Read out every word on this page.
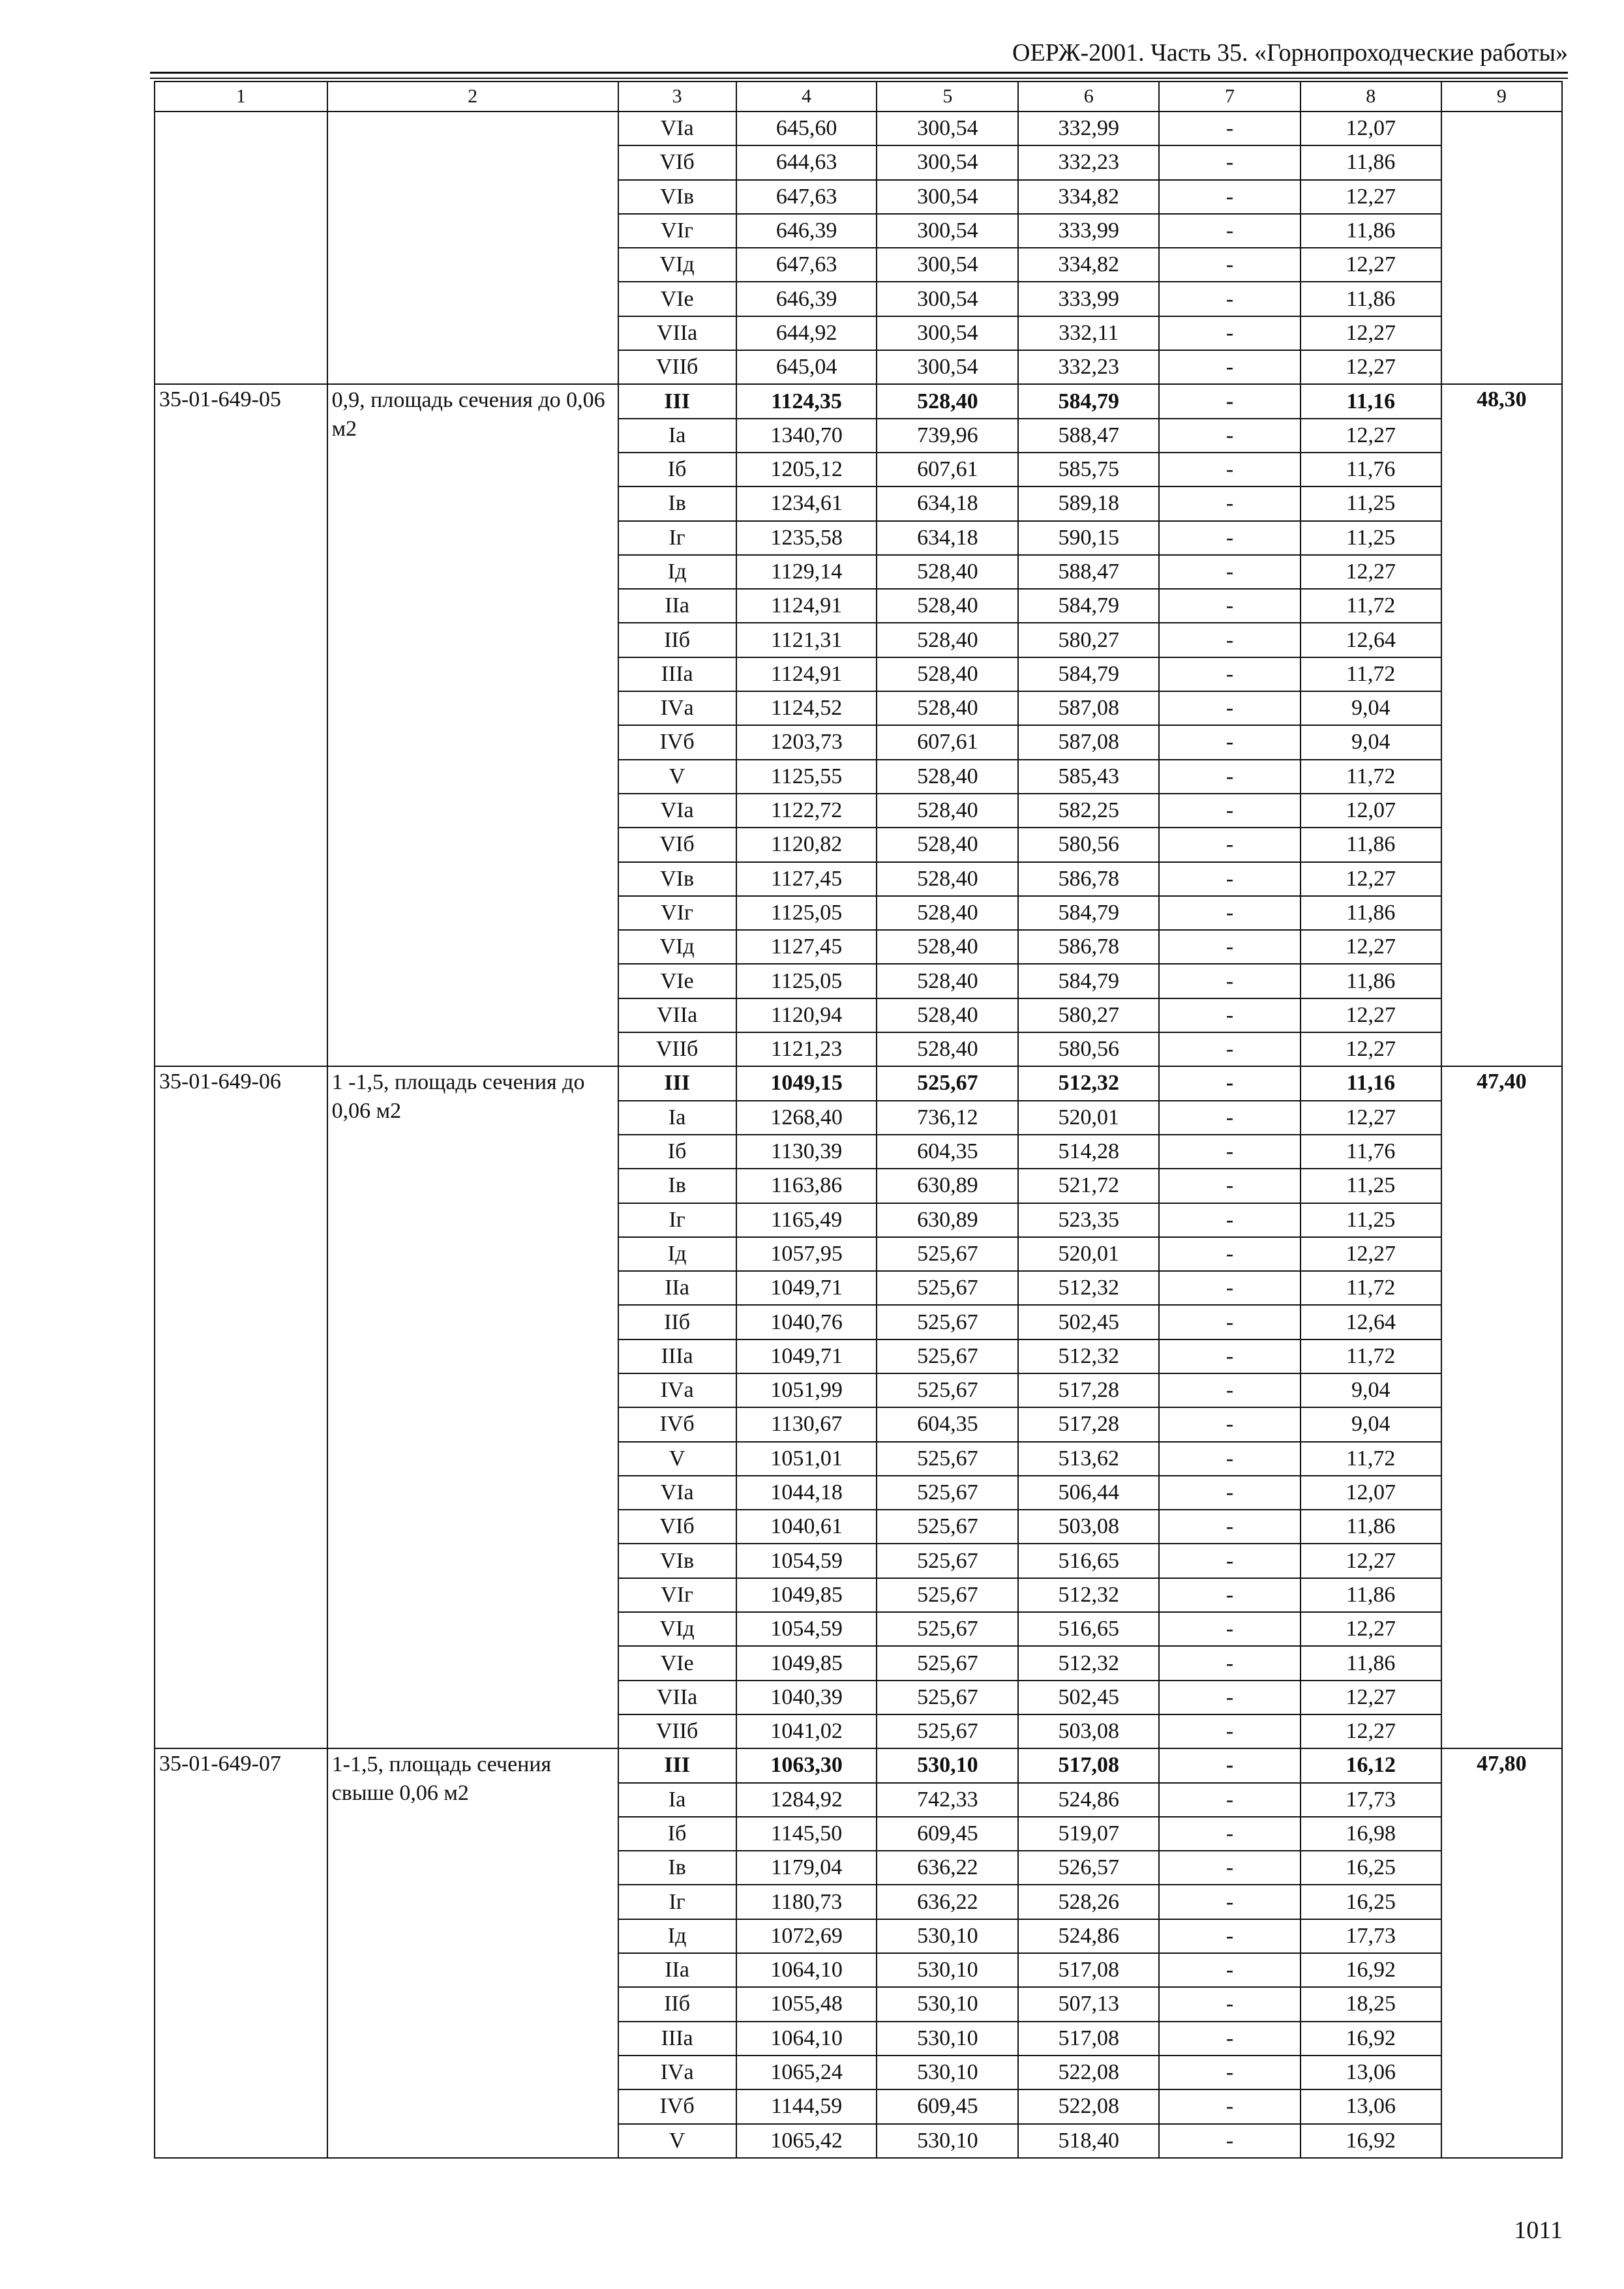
ОЕРЖ-2001. Часть 35. «Горнопроходческие работы»
1	2	3	4	5	6	7	8	9
		VIа	645,60	300,54	332,99	-	12,07	
		VIб	644,63	300,54	332,23	-	11,86	
		VIв	647,63	300,54	334,82	-	12,27	
		VIг	646,39	300,54	333,99	-	11,86	
		VIд	647,63	300,54	334,82	-	12,27	
		VIе	646,39	300,54	333,99	-	11,86	
		VIIа	644,92	300,54	332,11	-	12,27	
		VIIб	645,04	300,54	332,23	-	12,27	
35-01-649-05	0,9, площадь сечения до 0,06 м2	III	1124,35	528,40	584,79	-	11,16	48,30
		Iа	1340,70	739,96	588,47	-	12,27	
		Iб	1205,12	607,61	585,75	-	11,76	
		Iв	1234,61	634,18	589,18	-	11,25	
		Iг	1235,58	634,18	590,15	-	11,25	
		Iд	1129,14	528,40	588,47	-	12,27	
		IIа	1124,91	528,40	584,79	-	11,72	
		IIб	1121,31	528,40	580,27	-	12,64	
		IIIа	1124,91	528,40	584,79	-	11,72	
		IVа	1124,52	528,40	587,08	-	9,04	
		IVб	1203,73	607,61	587,08	-	9,04	
		V	1125,55	528,40	585,43	-	11,72	
		VIа	1122,72	528,40	582,25	-	12,07	
		VIб	1120,82	528,40	580,56	-	11,86	
		VIв	1127,45	528,40	586,78	-	12,27	
		VIг	1125,05	528,40	584,79	-	11,86	
		VIд	1127,45	528,40	586,78	-	12,27	
		VIе	1125,05	528,40	584,79	-	11,86	
		VIIа	1120,94	528,40	580,27	-	12,27	
		VIIб	1121,23	528,40	580,56	-	12,27	
35-01-649-06	1 -1,5, площадь сечения до 0,06 м2	III	1049,15	525,67	512,32	-	11,16	47,40
		Iа	1268,40	736,12	520,01	-	12,27	
		Iб	1130,39	604,35	514,28	-	11,76	
		Iв	1163,86	630,89	521,72	-	11,25	
		Iг	1165,49	630,89	523,35	-	11,25	
		Iд	1057,95	525,67	520,01	-	12,27	
		IIа	1049,71	525,67	512,32	-	11,72	
		IIб	1040,76	525,67	502,45	-	12,64	
		IIIа	1049,71	525,67	512,32	-	11,72	
		IVа	1051,99	525,67	517,28	-	9,04	
		IVб	1130,67	604,35	517,28	-	9,04	
		V	1051,01	525,67	513,62	-	11,72	
		VIа	1044,18	525,67	506,44	-	12,07	
		VIб	1040,61	525,67	503,08	-	11,86	
		VIв	1054,59	525,67	516,65	-	12,27	
		VIг	1049,85	525,67	512,32	-	11,86	
		VIд	1054,59	525,67	516,65	-	12,27	
		VIе	1049,85	525,67	512,32	-	11,86	
		VIIа	1040,39	525,67	502,45	-	12,27	
		VIIб	1041,02	525,67	503,08	-	12,27	
35-01-649-07	1-1,5, площадь сечения свыше 0,06 м2	III	1063,30	530,10	517,08	-	16,12	47,80
		Iа	1284,92	742,33	524,86	-	17,73	
		Iб	1145,50	609,45	519,07	-	16,98	
		Iв	1179,04	636,22	526,57	-	16,25	
		Iг	1180,73	636,22	528,26	-	16,25	
		Iд	1072,69	530,10	524,86	-	17,73	
		IIа	1064,10	530,10	517,08	-	16,92	
		IIб	1055,48	530,10	507,13	-	18,25	
		IIIа	1064,10	530,10	517,08	-	16,92	
		IVа	1065,24	530,10	522,08	-	13,06	
		IVб	1144,59	609,45	522,08	-	13,06	
		V	1065,42	530,10	518,40	-	16,92	
1011
